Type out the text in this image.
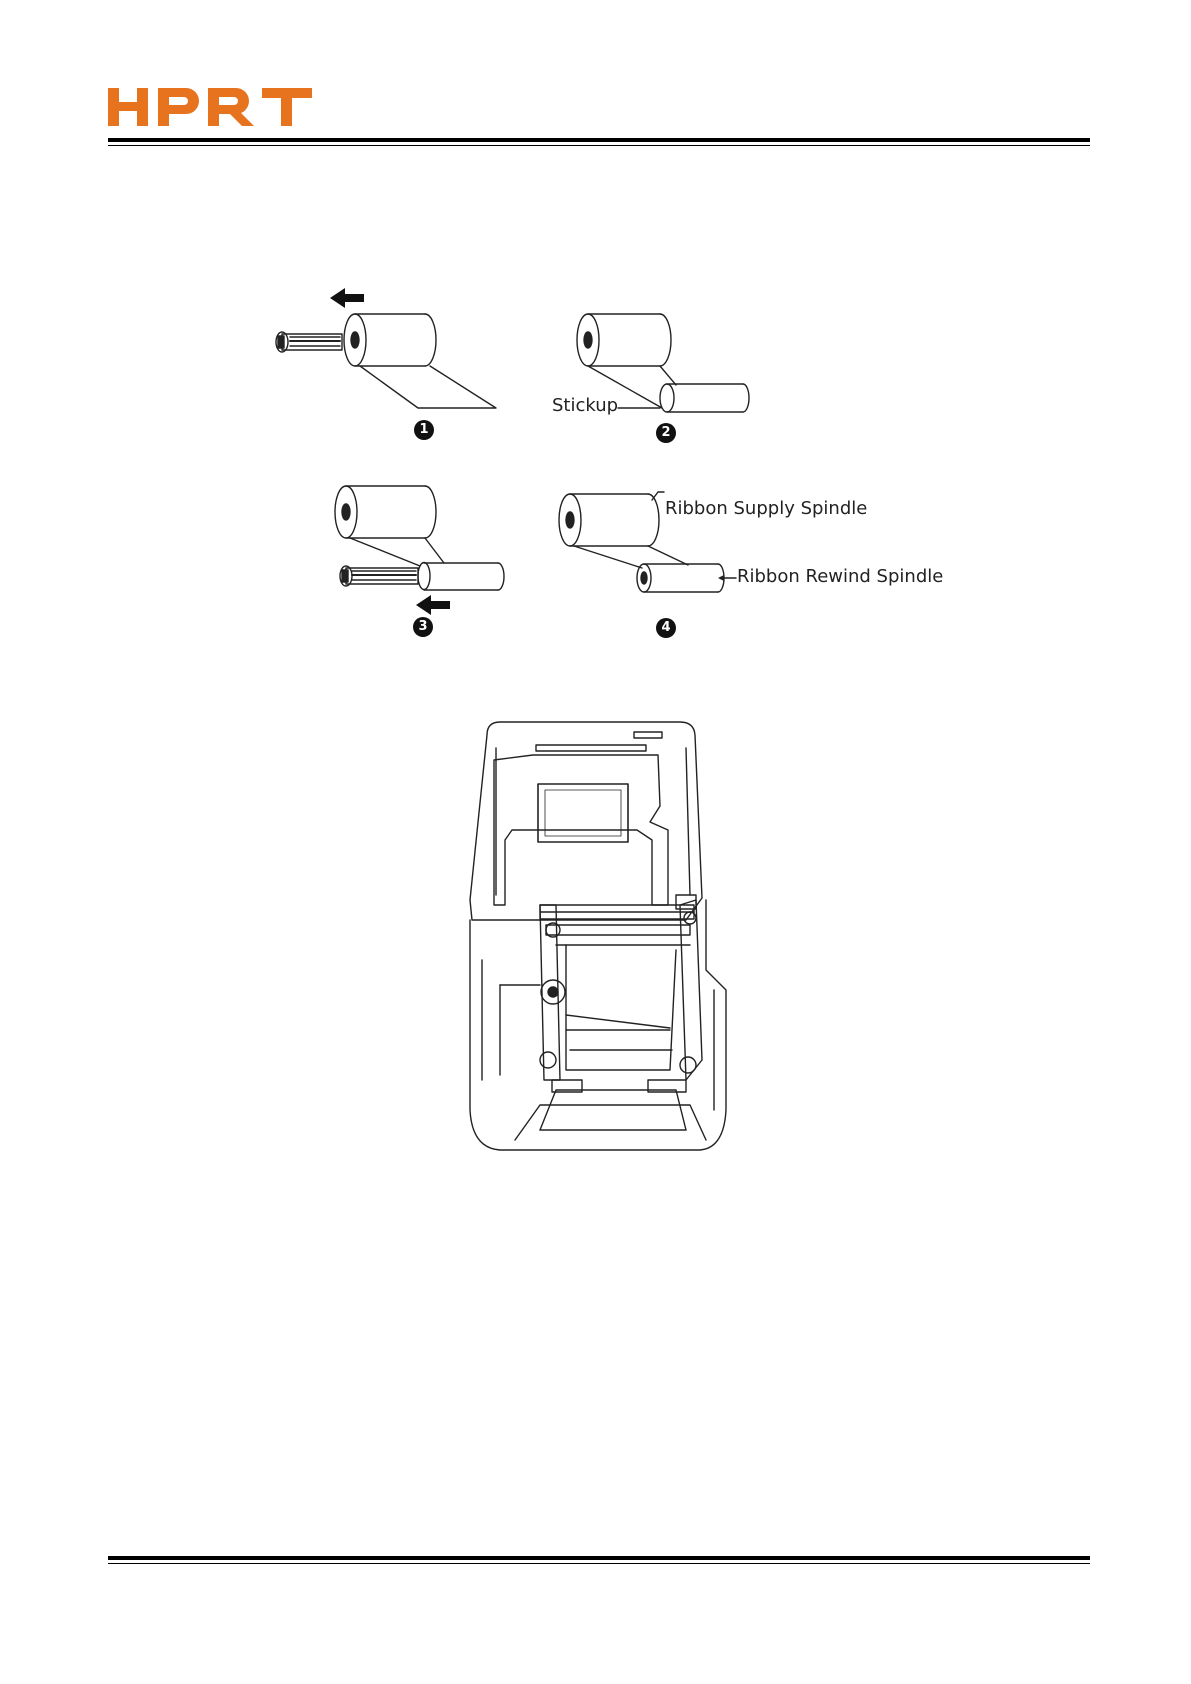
Stickup
Ribbon Supply Spindle
Ribbon Rewind Spindle
1	2
3	4
